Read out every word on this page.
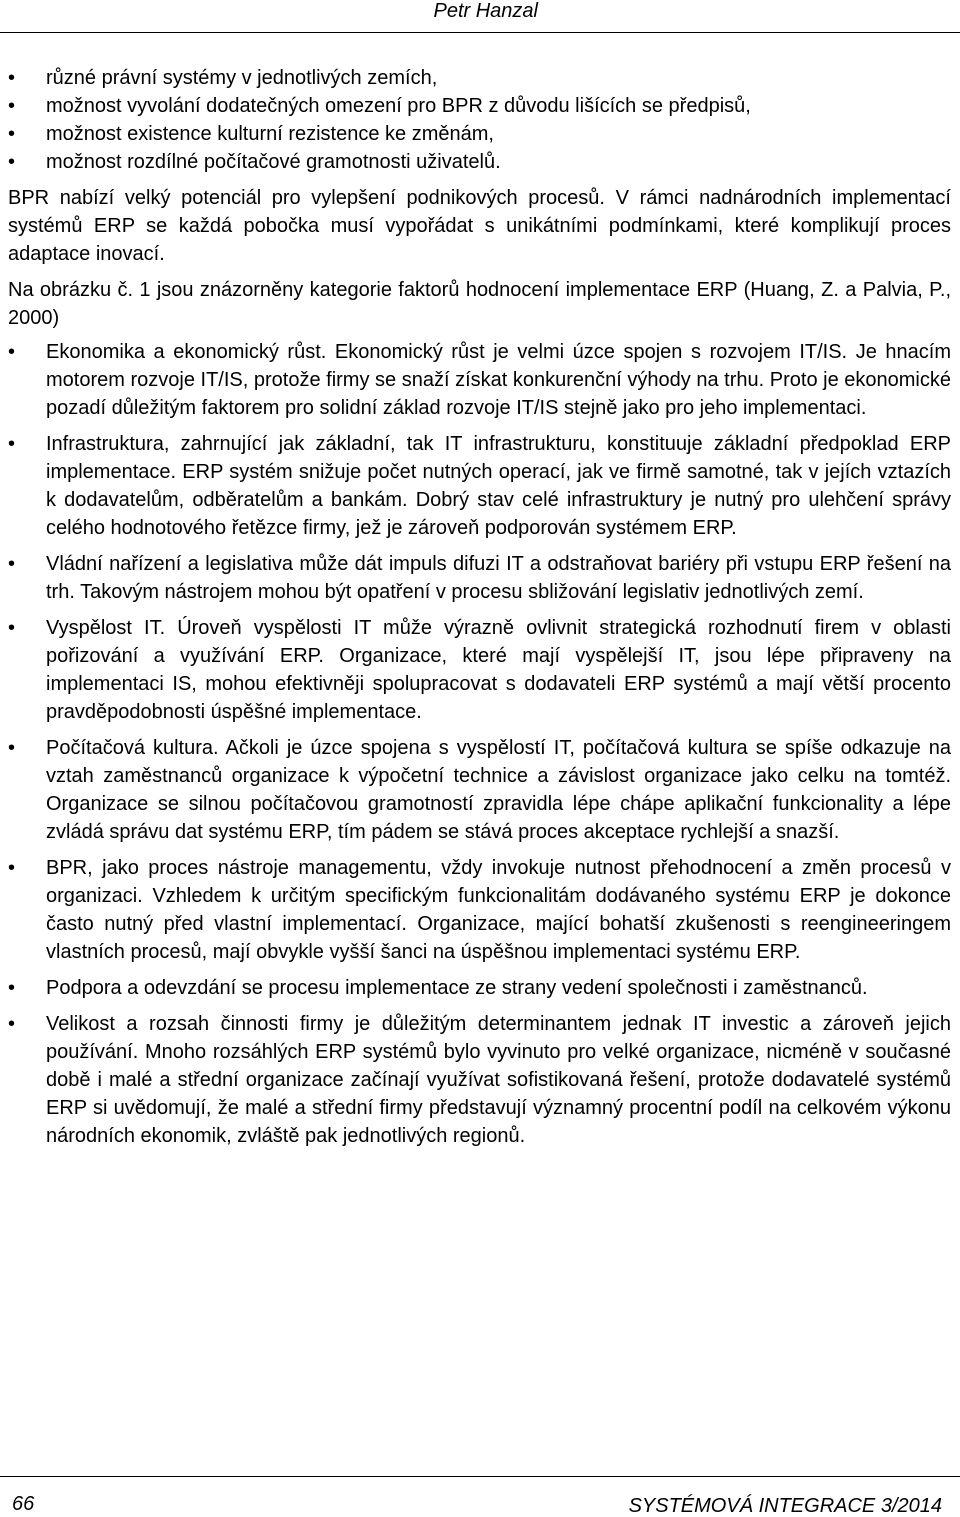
Petr Hanzal
• různé právní systémy v jednotlivých zemích,
• možnost vyvolání dodatečných omezení pro BPR z důvodu lišících se předpisů,
• možnost existence kulturní rezistence ke změnám,
• možnost rozdílné počítačové gramotnosti uživatelů.

BPR nabízí velký potenciál pro vylepšení podnikových procesů. V rámci nadnárodních implementací systémů ERP se každá pobočka musí vypořádat s unikátními podmínkami, které komplikují proces adaptace inovací.

Na obrázku č. 1 jsou znázorněny kategorie faktorů hodnocení implementace ERP (Huang, Z. a Palvia, P., 2000)

• Ekonomika a ekonomický růst. Ekonomický růst je velmi úzce spojen s rozvojem IT/IS. Je hnacím motorem rozvoje IT/IS, protože firmy se snaží získat konkurenční výhody na trhu. Proto je ekonomické pozadí důležitým faktorem pro solidní základ rozvoje IT/IS stejně jako pro jeho implementaci.
• Infrastruktura, zahrnující jak základní, tak IT infrastrukturu, konstituuje základní předpoklad ERP implementace. ERP systém snižuje počet nutných operací, jak ve firmě samotné, tak v jejích vztazích k dodavatelům, odběratelům a bankám. Dobrý stav celé infrastruktury je nutný pro ulehčení správy celého hodnotového řetězce firmy, jež je zároveň podporován systémem ERP.
• Vládní nařízení a legislativa může dát impuls difuzi IT a odstraňovat bariéry při vstupu ERP řešení na trh. Takovým nástrojem mohou být opatření v procesu sbližování legislativ jednotlivých zemí.
• Vyspělost IT. Úroveň vyspělosti IT může výrazně ovlivnit strategická rozhodnutí firem v oblasti pořizování a využívání ERP. Organizace, které mají vyspělejší IT, jsou lépe připraveny na implementaci IS, mohou efektivněji spolupracovat s dodavateli ERP systémů a mají větší procento pravděpodobnosti úspěšné implementace.
• Počítačová kultura. Ačkoli je úzce spojena s vyspělostí IT, počítačová kultura se spíše odkazuje na vztah zaměstnanců organizace k výpočetní technice a závislost organizace jako celku na tomtéž. Organizace se silnou počítačovou gramotností zpravidla lépe chápe aplikační funkcionality a lépe zvládá správu dat systému ERP, tím pádem se stává proces akceptace rychlejší a snazší.
• BPR, jako proces nástroje managementu, vždy invokuje nutnost přehodnocení a změn procesů v organizaci. Vzhledem k určitým specifickým funkcionalitám dodávaného systému ERP je dokonce často nutný před vlastní implementací. Organizace, mající bohatší zkušenosti s reengineeringem vlastních procesů, mají obvykle vyšší šanci na úspěšnou implementaci systému ERP.
• Podpora a odevzdání se procesu implementace ze strany vedení společnosti i zaměstnanců.
• Velikost a rozsah činnosti firmy je důležitým determinantem jednak IT investic a zároveň jejich používání. Mnoho rozsáhlých ERP systémů bylo vyvinuto pro velké organizace, nicméně v současné době i malé a střední organizace začínají využívat sofistikovaná řešení, protože dodavatelé systémů ERP si uvědomují, že malé a střední firmy představují významný procentní podíl na celkovém výkonu národních ekonomik, zvláště pak jednotlivých regionů.
66	SYSTÉMOVÁ INTEGRACE 3/2014
